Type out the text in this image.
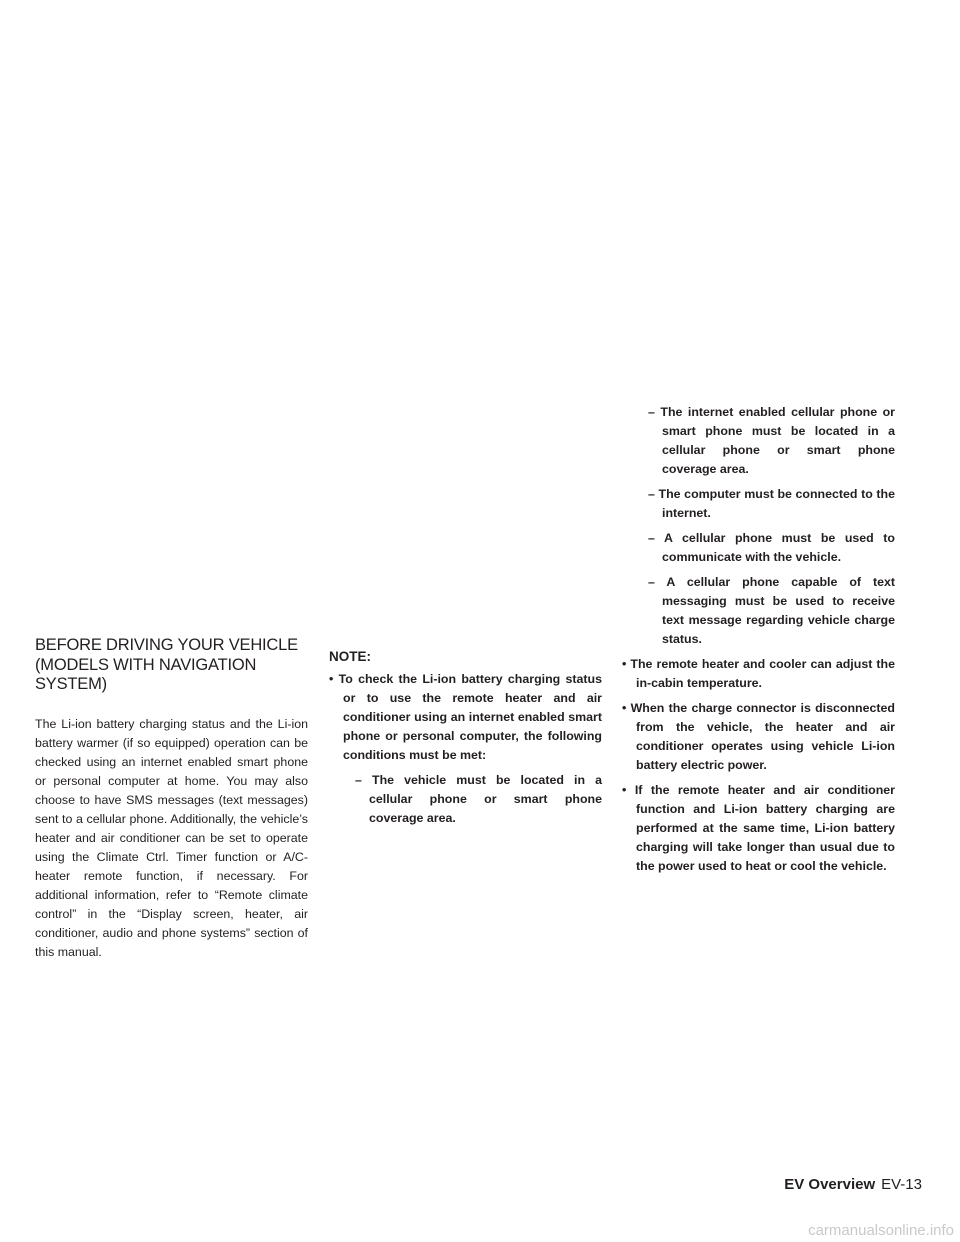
BEFORE DRIVING YOUR VEHICLE
(MODELS WITH NAVIGATION
SYSTEM)

The Li-ion battery charging status and the Li-ion battery warmer (if so equipped) operation can be checked using an internet enabled smart phone or personal computer at home. You may also choose to have SMS messages (text messages) sent to a cellular phone. Additionally, the vehicle’s heater and air conditioner can be set to operate using the Climate Ctrl. Timer function or A/C-heater remote function, if necessary. For additional information, refer to “Remote climate control” in the “Display screen, heater, air conditioner, audio and phone systems” section of this manual.

NOTE:
• To check the Li-ion battery charging status or to use the remote heater and air conditioner using an internet enabled smart phone or personal computer, the following conditions must be met:
– The vehicle must be located in a cellular phone or smart phone coverage area.
– The internet enabled cellular phone or smart phone must be located in a cellular phone or smart phone coverage area.
– The computer must be connected to the internet.
– A cellular phone must be used to communicate with the vehicle.
– A cellular phone capable of text messaging must be used to receive text message regarding vehicle charge status.
• The remote heater and cooler can adjust the in-cabin temperature.
• When the charge connector is disconnected from the vehicle, the heater and air conditioner operates using vehicle Li-ion battery electric power.
• If the remote heater and air conditioner function and Li-ion battery charging are performed at the same time, Li-ion battery charging will take longer than usual due to the power used to heat or cool the vehicle.
EV Overview EV-13
carmanualsonline.info
